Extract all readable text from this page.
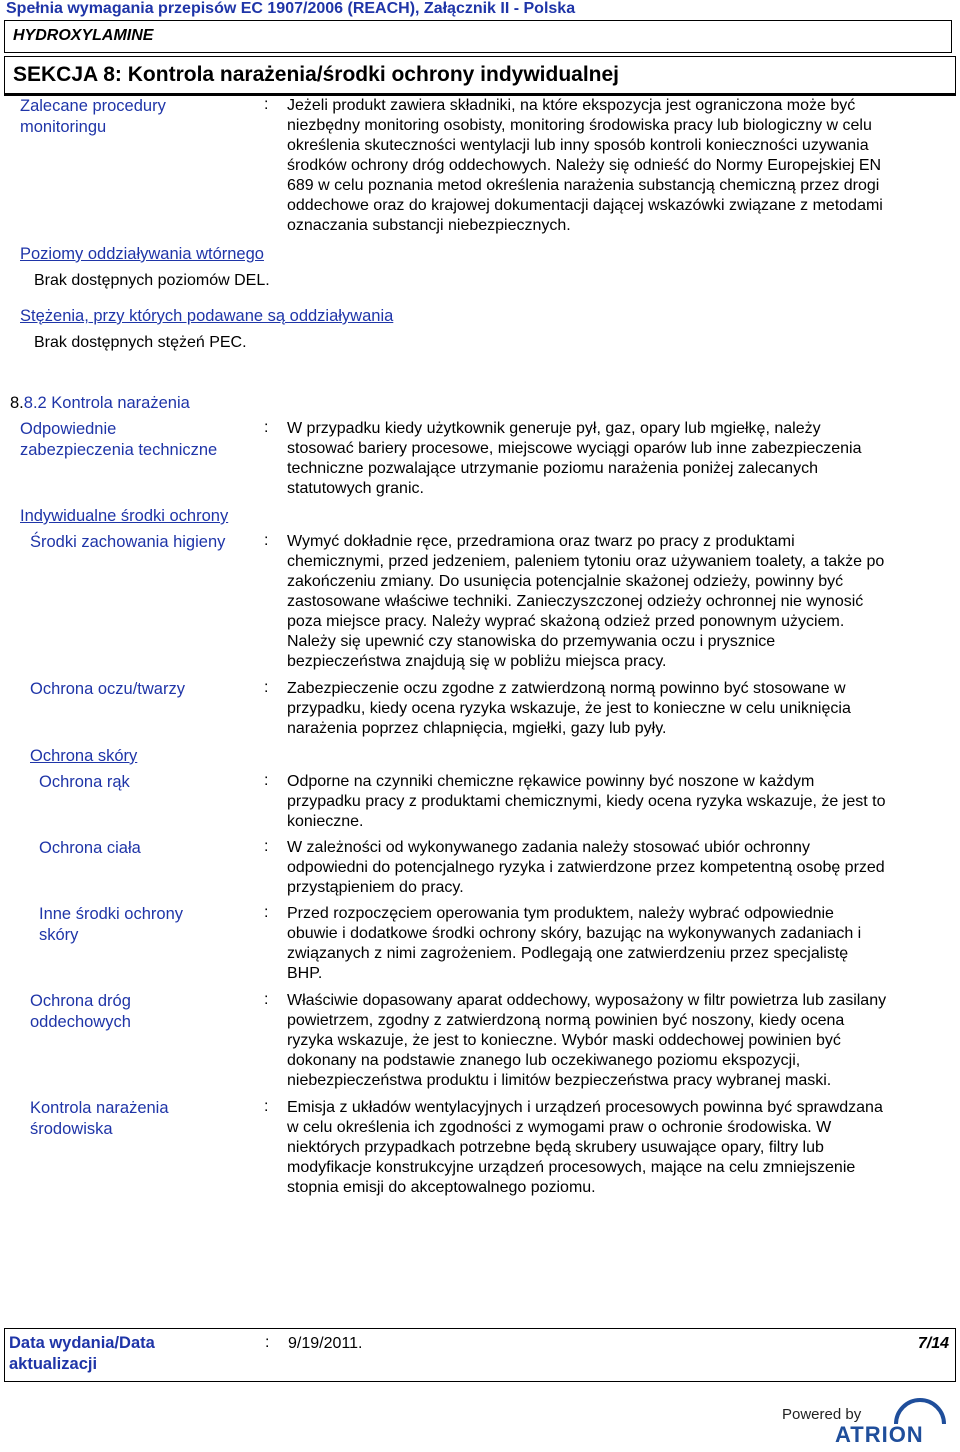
Spełnia wymagania przepisów EC 1907/2006 (REACH), Załącznik II - Polska
HYDROXYLAMINE
SEKCJA 8: Kontrola narażenia/środki ochrony indywidualnej
Zalecane procedury
monitoringu
: Jeżeli produkt zawiera składniki, na które ekspozycja jest ograniczona może być
niezbędny monitoring osobisty, monitoring środowiska pracy lub biologiczny w celu
określenia skuteczności wentylacji lub inny sposób kontroli konieczności uzywania
środków ochrony dróg oddechowych. Należy się odnieść do Normy Europejskiej EN
689 w celu poznania metod określenia narażenia substancją chemiczną przez drogi
oddechowe oraz do krajowej dokumentacji dającej wskazówki związane z metodami
oznaczania substancji niebezpiecznych.
Poziomy oddziaływania wtórnego
Brak dostępnych poziomów DEL.
Stężenia, przy których podawane są oddziaływania
Brak dostępnych stężeń PEC.
8.8.2 Kontrola narażenia
Odpowiednie
zabezpieczenia techniczne
: W przypadku kiedy użytkownik generuje pył, gaz, opary lub mgiełkę, należy
stosować bariery procesowe, miejscowe wyciągi oparów lub inne zabezpieczenia
techniczne pozwalające utrzymanie poziomu narażenia poniżej zalecanych
statutowych granic.
Indywidualne środki ochrony
Środki zachowania higieny : Wymyć dokładnie ręce, przedramiona oraz twarz po pracy z produktami
chemicznymi, przed jedzeniem, paleniem tytoniu oraz używaniem toalety, a także po
zakończeniu zmiany. Do usunięcia potencjalnie skażonej odzieży, powinny być
zastosowane właściwe techniki. Zanieczyszczonej odzieży ochronnej nie wynosić
poza miejsce pracy. Należy wyprać skażoną odzież przed ponownym użyciem.
Należy się upewnić czy stanowiska do przemywania oczu i prysznice
bezpieczeństwa znajdują się w pobliżu miejsca pracy.
Ochrona oczu/twarzy	: Zabezpieczenie oczu zgodne z zatwierdzoną normą powinno być stosowane w
przypadku, kiedy ocena ryzyka wskazuje, że jest to konieczne w celu uniknięcia
narażenia poprzez chlapnięcia, mgiełki, gazy lub pyły.
Ochrona skóry
Ochrona rąk	: Odporne na czynniki chemiczne rękawice powinny być noszone w każdym
przypadku pracy z produktami chemicznymi, kiedy ocena ryzyka wskazuje, że jest to
konieczne.
Ochrona ciała	: W zależności od wykonywanego zadania należy stosować ubiór ochronny
odpowiedni do potencjalnego ryzyka i zatwierdzone przez kompetentną osobę przed
przystąpieniem do pracy.
Inne środki ochrony
skóry
: Przed rozpoczęciem operowania tym produktem, należy wybrać odpowiednie
obuwie i dodatkowe środki ochrony skóry, bazując na wykonywanych zadaniach i
związanych z nimi zagrożeniem. Podlegają one zatwierdzeniu przez specjalistę
BHP.
Ochrona dróg
oddechowych
: Właściwie dopasowany aparat oddechowy, wyposażony w filtr powietrza lub zasilany
powietrzem, zgodny z zatwierdzoną normą powinien być noszony, kiedy ocena
ryzyka wskazuje, że jest to konieczne. Wybór maski oddechowej powinien być
dokonany na podstawie znanego lub oczekiwanego poziomu ekspozycji,
niebezpieczeństwa produktu i limitów bezpieczeństwa pracy wybranej maski.
Kontrola narażenia
środowiska
: Emisja z układów wentylacyjnych i urządzeń procesowych powinna być sprawdzana
w celu określenia ich zgodności z wymogami praw o ochronie środowiska. W
niektórych przypadkach potrzebne będą skrubery usuwające opary, filtry lub
modyfikacje konstrukcyjne urządzeń procesowych, mające na celu zmniejszenie
stopnia emisji do akceptowalnego poziomu.
Data wydania/Data
aktualizacji
: 9/19/2011.	7/14
Powered by
ATRION
